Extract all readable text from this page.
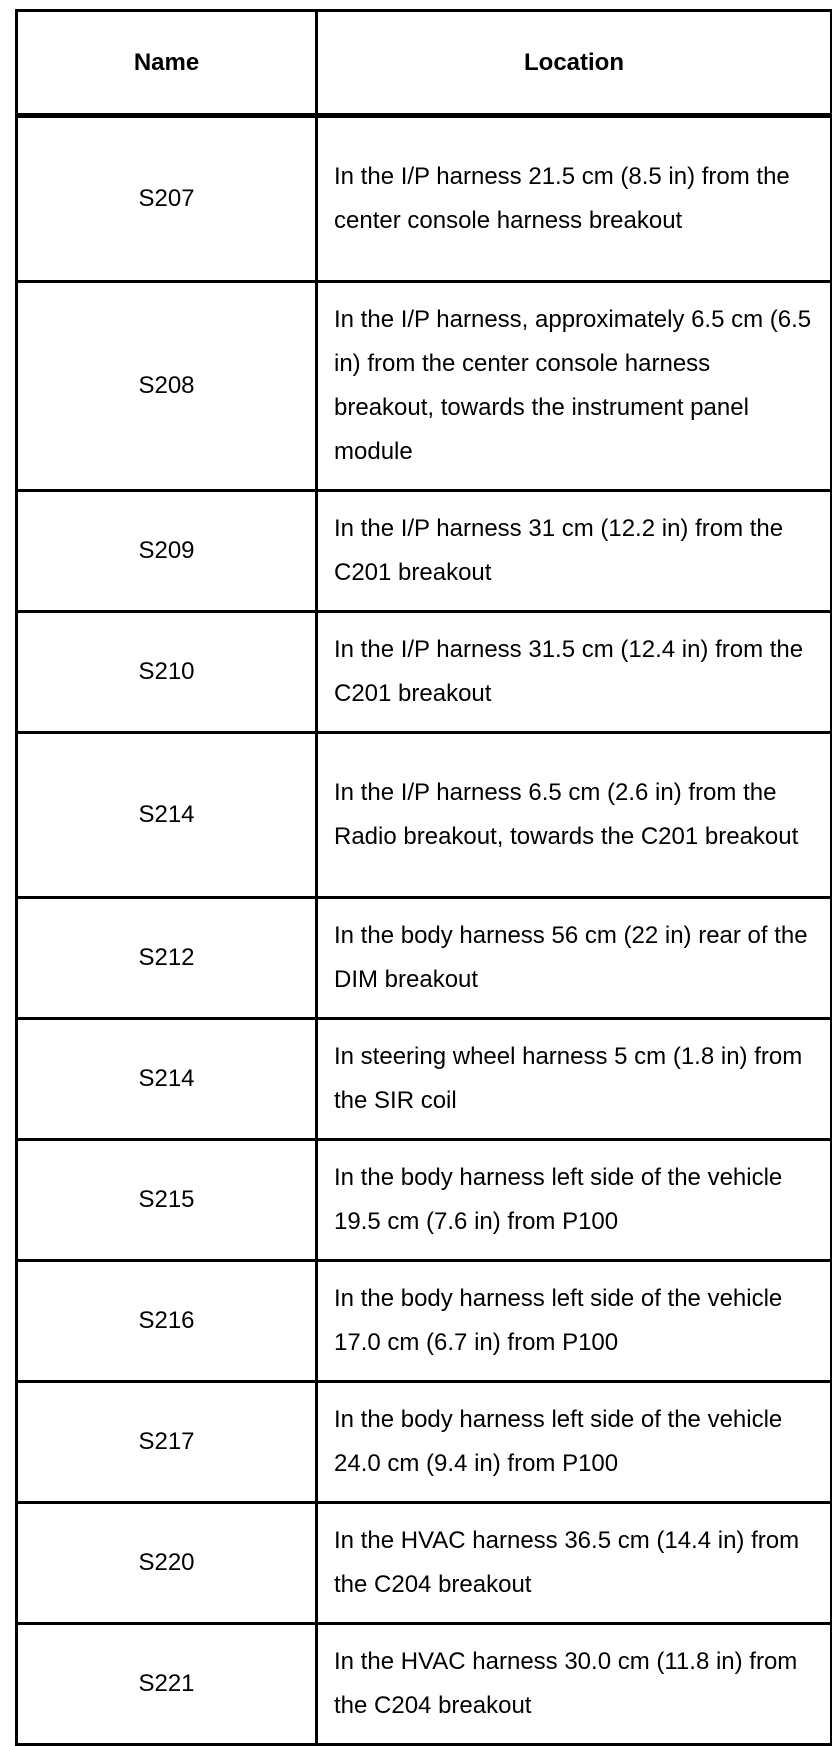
Name	Location
S207	In the I/P harness 21.5 cm (8.5 in) from the center console harness breakout
S208	In the I/P harness, approximately 6.5 cm (6.5 in) from the center console harness breakout, towards the instrument panel module
S209	In the I/P harness 31 cm (12.2 in) from the C201 breakout
S210	In the I/P harness 31.5 cm (12.4 in) from the C201 breakout
S214	In the I/P harness 6.5 cm (2.6 in) from the Radio breakout, towards the C201 breakout
S212	In the body harness 56 cm (22 in) rear of the DIM breakout
S214	In steering wheel harness 5 cm (1.8 in) from the SIR coil
S215	In the body harness left side of the vehicle 19.5 cm (7.6 in) from P100
S216	In the body harness left side of the vehicle 17.0 cm (6.7 in) from P100
S217	In the body harness left side of the vehicle 24.0 cm (9.4 in) from P100
S220	In the HVAC harness 36.5 cm (14.4 in) from the C204 breakout
S221	In the HVAC harness 30.0 cm (11.8 in) from the C204 breakout
